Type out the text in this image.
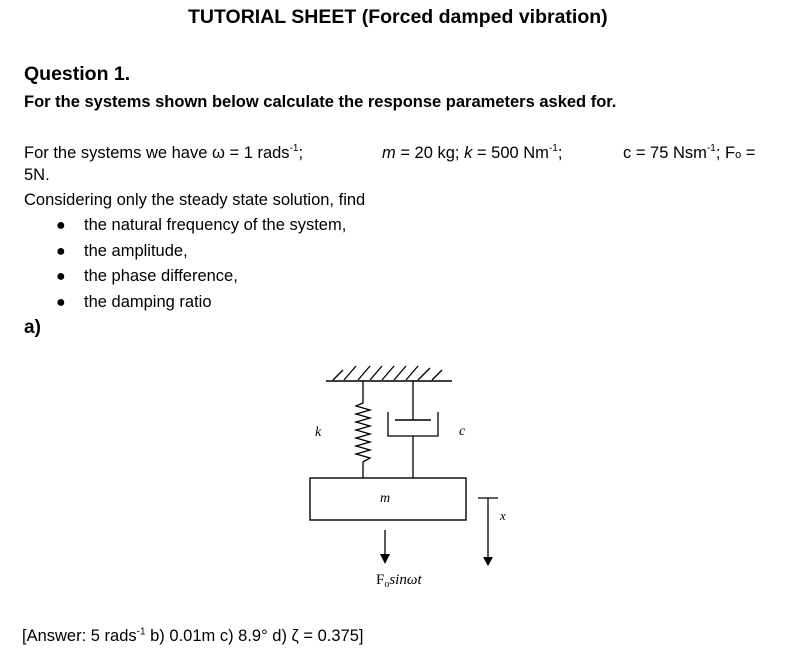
TUTORIAL SHEET (Forced damped vibration)
Question 1.
For the systems shown below calculate the response parameters asked for.
For the systems we have ω = 1 rads$^{-1}$;	m = 20 kg; k = 500 $Nm^{-1}$;	c = 75 Nsm$^{-1}$; Fo =
5N.
Considering only the steady state solution, find
● the natural frequency of the system,
● the amplitude,
● the phase difference,
● the damping ratio
a)
k	c
m
x
$F_o\sin\omega t$
[Answer: 5 rads$^{-1}$ b) 0.01m c) 8.9° d) ζ = 0.375]
